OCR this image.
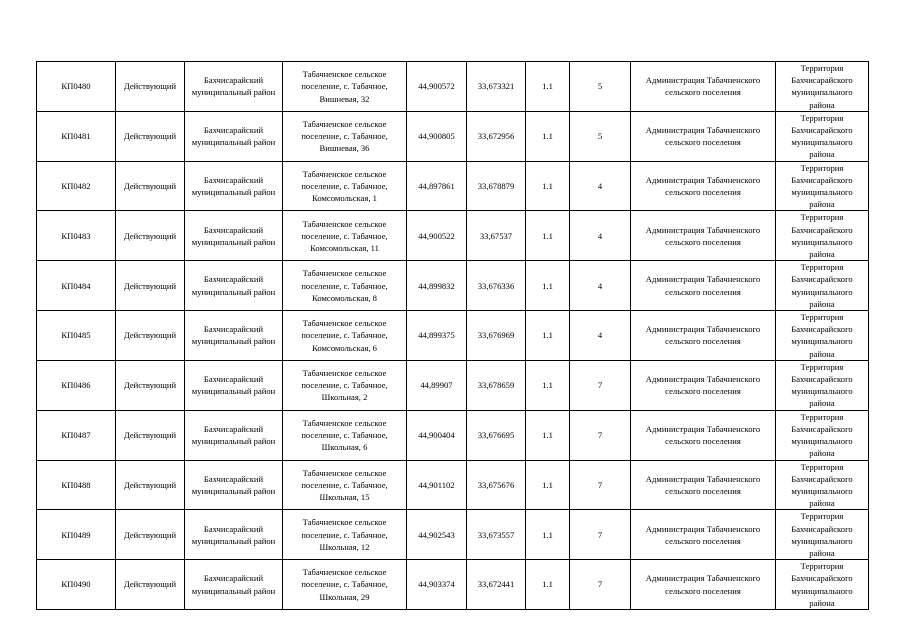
КП0480	Действующий	Бахчисарайский муниципальный район	Табачненское сельское поселение, с. Табачное, Вишневая, 32	44,900572	33,673321	1.1	5	Администрация Табачненского сельского поселения	Территория Бахчисарайского муниципального района
КП0481	Действующий	Бахчисарайский муниципальный район	Табачненское сельское поселение, с. Табачное, Вишневая, 36	44,900805	33,672956	1.1	5	Администрация Табачненского сельского поселения	Территория Бахчисарайского муниципального района
КП0482	Действующий	Бахчисарайский муниципальный район	Табачненское сельское поселение, с. Табачное, Комсомольская, 1	44,897861	33,678879	1.1	4	Администрация Табачненского сельского поселения	Территория Бахчисарайского муниципального района
КП0483	Действующий	Бахчисарайский муниципальный район	Табачненское сельское поселение, с. Табачное, Комсомольская, 11	44,900522	33,67537	1.1	4	Администрация Табачненского сельского поселения	Территория Бахчисарайского муниципального района
КП0484	Действующий	Бахчисарайский муниципальный район	Табачненское сельское поселение, с. Табачное, Комсомольская, 8	44,899832	33,676336	1.1	4	Администрация Табачненского сельского поселения	Территория Бахчисарайского муниципального района
КП0485	Действующий	Бахчисарайский муниципальный район	Табачненское сельское поселение, с. Табачное, Комсомольская, 6	44,899375	33,676969	1.1	4	Администрация Табачненского сельского поселения	Территория Бахчисарайского муниципального района
КП0486	Действующий	Бахчисарайский муниципальный район	Табачненское сельское поселение, с. Табачное, Школьная, 2	44,89907	33,678659	1.1	7	Администрация Табачненского сельского поселения	Территория Бахчисарайского муниципального района
КП0487	Действующий	Бахчисарайский муниципальный район	Табачненское сельское поселение, с. Табачное, Школьная, 6	44,900404	33,676695	1.1	7	Администрация Табачненского сельского поселения	Территория Бахчисарайского муниципального района
КП0488	Действующий	Бахчисарайский муниципальный район	Табачненское сельское поселение, с. Табачное, Школьная, 15	44,901102	33,675676	1.1	7	Администрация Табачненского сельского поселения	Территория Бахчисарайского муниципального района
КП0489	Действующий	Бахчисарайский муниципальный район	Табачненское сельское поселение, с. Табачное, Школьная, 12	44,902543	33,673557	1.1	7	Администрация Табачненского сельского поселения	Территория Бахчисарайского муниципального района
КП0490	Действующий	Бахчисарайский муниципальный район	Табачненское сельское поселение, с. Табачное, Школьная, 29	44,903374	33,672441	1.1	7	Администрация Табачненского сельского поселения	Территория Бахчисарайского муниципального района
